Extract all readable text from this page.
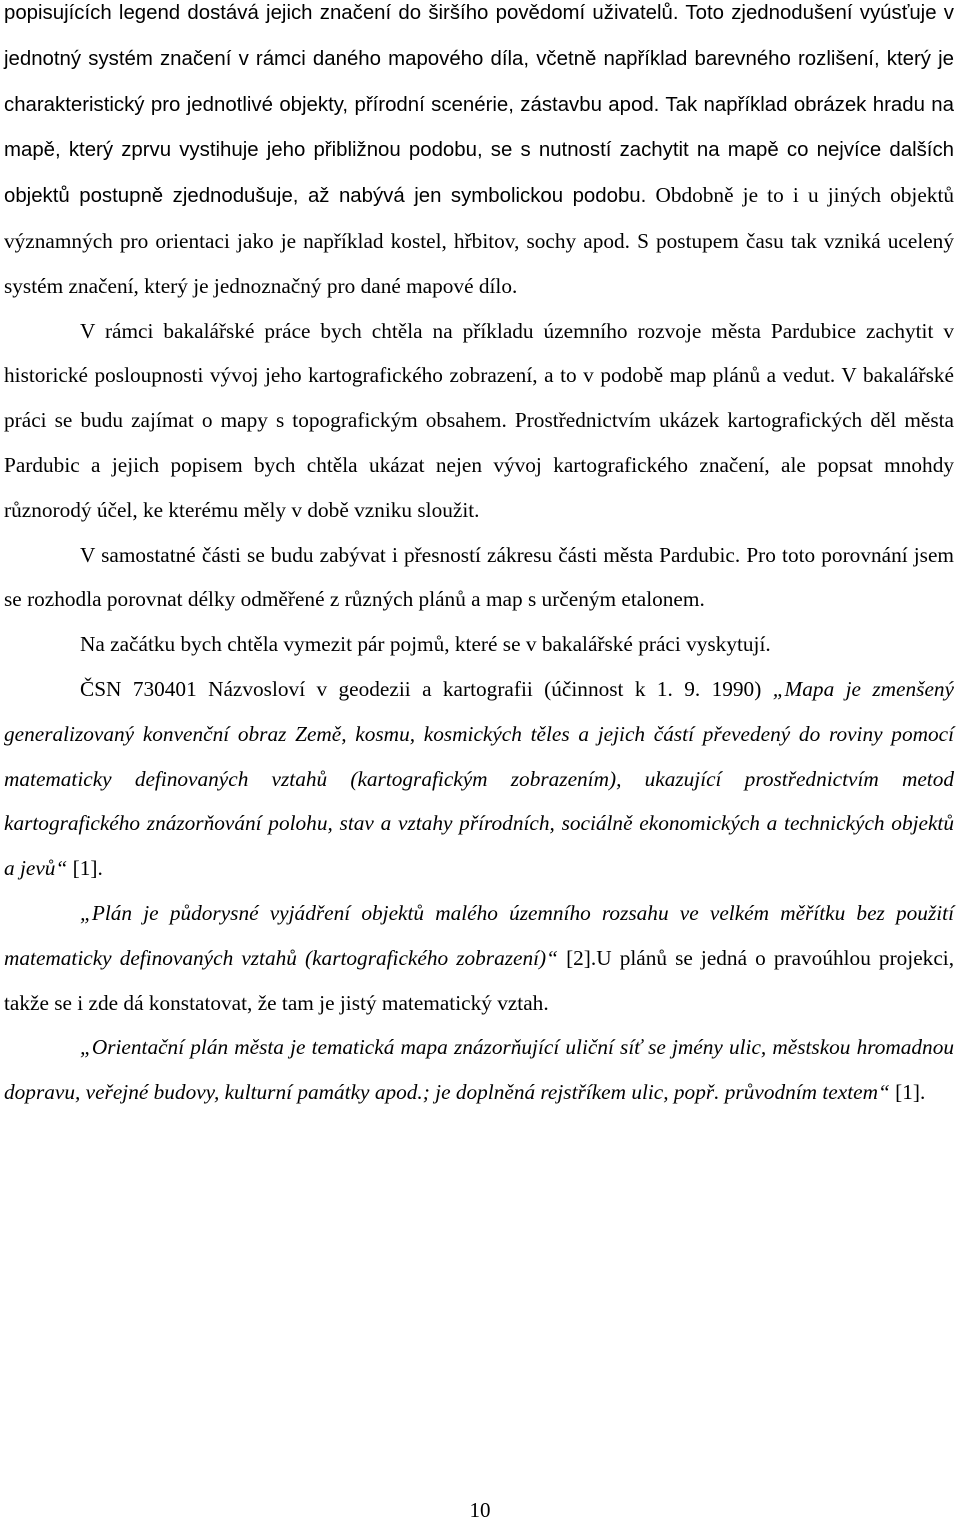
popisujících legend dostává jejich značení do širšího povědomí uživatelů. Toto zjednodušení vyúsťuje v jednotný systém značení v rámci daného mapového díla, včetně například barevného rozlišení, který je charakteristický pro jednotlivé objekty, přírodní scenérie, zástavbu apod. Tak například obrázek hradu na mapě, který zprvu vystihuje jeho přibližnou podobu, se s nutností zachytit na mapě co nejvíce dalších objektů postupně zjednodušuje, až nabývá jen symbolickou podobu. Obdobně je to i u jiných objektů významných pro orientaci jako je například kostel, hřbitov, sochy apod. S postupem času tak vzniká ucelený systém značení, který je jednoznačný pro dané mapové dílo.

V rámci bakalářské práce bych chtěla na příkladu územního rozvoje města Pardubice zachytit v historické posloupnosti vývoj jeho kartografického zobrazení, a to v podobě map plánů a vedut. V bakalářské práci se budu zajímat o mapy s topografickým obsahem. Prostřednictvím ukázek kartografických děl města Pardubic a jejich popisem bych chtěla ukázat nejen vývoj kartografického značení, ale popsat mnohdy různorodý účel, ke kterému měly v době vzniku sloužit.

V samostatné části se budu zabývat i přesností zákresu části města Pardubic. Pro toto porovnání jsem se rozhodla porovnat délky odměřené z různých plánů a map s určeným etalonem.

Na začátku bych chtěla vymezit pár pojmů, které se v bakalářské práci vyskytují.

ČSN 730401 Názvosloví v geodezii a kartografii (účinnost k 1. 9. 1990) „Mapa je zmenšený generalizovaný konvenční obraz Země, kosmu, kosmických těles a jejich částí převedený do roviny pomocí matematicky definovaných vztahů (kartografickým zobrazením), ukazující prostřednictvím metod kartografického znázorňování polohu, stav a vztahy přírodních, sociálně ekonomických a technických objektů a jevů“ [1].

„Plán je půdorysné vyjádření objektů malého územního rozsahu ve velkém měřítku bez použití matematicky definovaných vztahů (kartografického zobrazení)“ [2].U plánů se jedná o pravoúhlou projekci, takže se i zde dá konstatovat, že tam je jistý matematický vztah.

„Orientační plán města je tematická mapa znázorňující uliční síť se jmény ulic, městskou hromadnou dopravu, veřejné budovy, kulturní památky apod.; je doplněná rejstříkem ulic, popř. průvodním textem“ [1].

10
